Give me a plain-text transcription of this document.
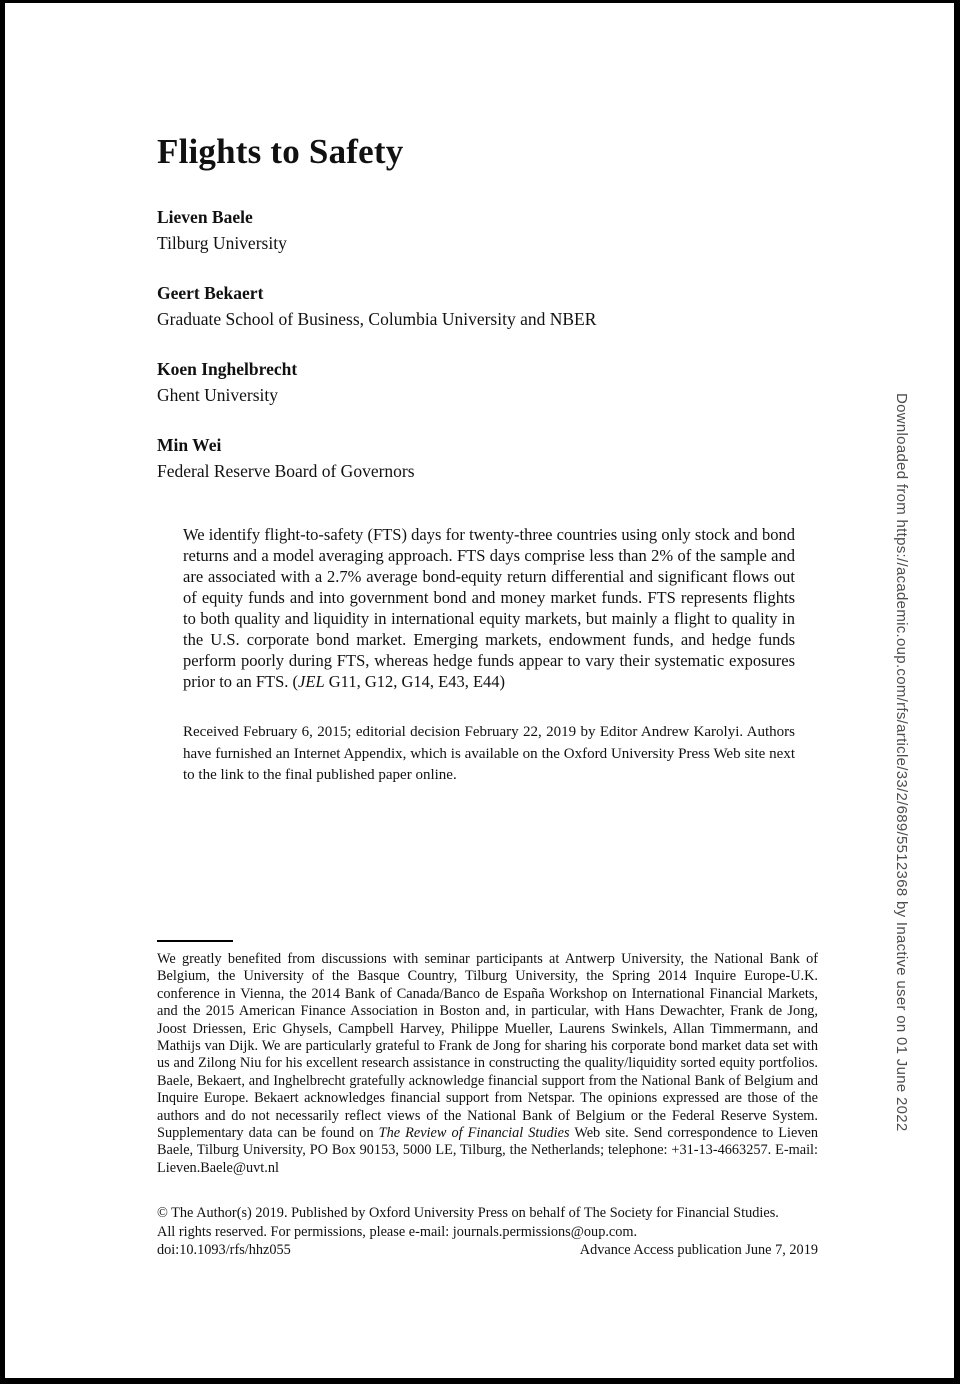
Flights to Safety
Lieven Baele
Tilburg University
Geert Bekaert
Graduate School of Business, Columbia University and NBER
Koen Inghelbrecht
Ghent University
Min Wei
Federal Reserve Board of Governors
We identify flight-to-safety (FTS) days for twenty-three countries using only stock and bond returns and a model averaging approach. FTS days comprise less than 2% of the sample and are associated with a 2.7% average bond-equity return differential and significant flows out of equity funds and into government bond and money market funds. FTS represents flights to both quality and liquidity in international equity markets, but mainly a flight to quality in the U.S. corporate bond market. Emerging markets, endowment funds, and hedge funds perform poorly during FTS, whereas hedge funds appear to vary their systematic exposures prior to an FTS. (JEL G11, G12, G14, E43, E44)

Received February 6, 2015; editorial decision February 22, 2019 by Editor Andrew Karolyi. Authors have furnished an Internet Appendix, which is available on the Oxford University Press Web site next to the link to the final published paper online.

We greatly benefited from discussions with seminar participants at Antwerp University, the National Bank of Belgium, the University of the Basque Country, Tilburg University, the Spring 2014 Inquire Europe-U.K. conference in Vienna, the 2014 Bank of Canada/Banco de España Workshop on International Financial Markets, and the 2015 American Finance Association in Boston and, in particular, with Hans Dewachter, Frank de Jong, Joost Driessen, Eric Ghysels, Campbell Harvey, Philippe Mueller, Laurens Swinkels, Allan Timmermann, and Mathijs van Dijk. We are particularly grateful to Frank de Jong for sharing his corporate bond market data set with us and Zilong Niu for his excellent research assistance in constructing the quality/liquidity sorted equity portfolios. Baele, Bekaert, and Inghelbrecht gratefully acknowledge financial support from the National Bank of Belgium and Inquire Europe. Bekaert acknowledges financial support from Netspar. The opinions expressed are those of the authors and do not necessarily reflect views of the National Bank of Belgium or the Federal Reserve System. Supplementary data can be found on The Review of Financial Studies Web site. Send correspondence to Lieven Baele, Tilburg University, PO Box 90153, 5000 LE, Tilburg, the Netherlands; telephone: +31-13-4663257. E-mail: Lieven.Baele@uvt.nl

© The Author(s) 2019. Published by Oxford University Press on behalf of The Society for Financial Studies.

All rights reserved. For permissions, please e-mail: journals.permissions@oup.com.

doi:10.1093/rfs/hhz055	Advance Access publication June 7, 2019
Downloaded from https://academic.oup.com/rfs/article/33/2/689/5512368 by Inactive user on 01 June 2022
